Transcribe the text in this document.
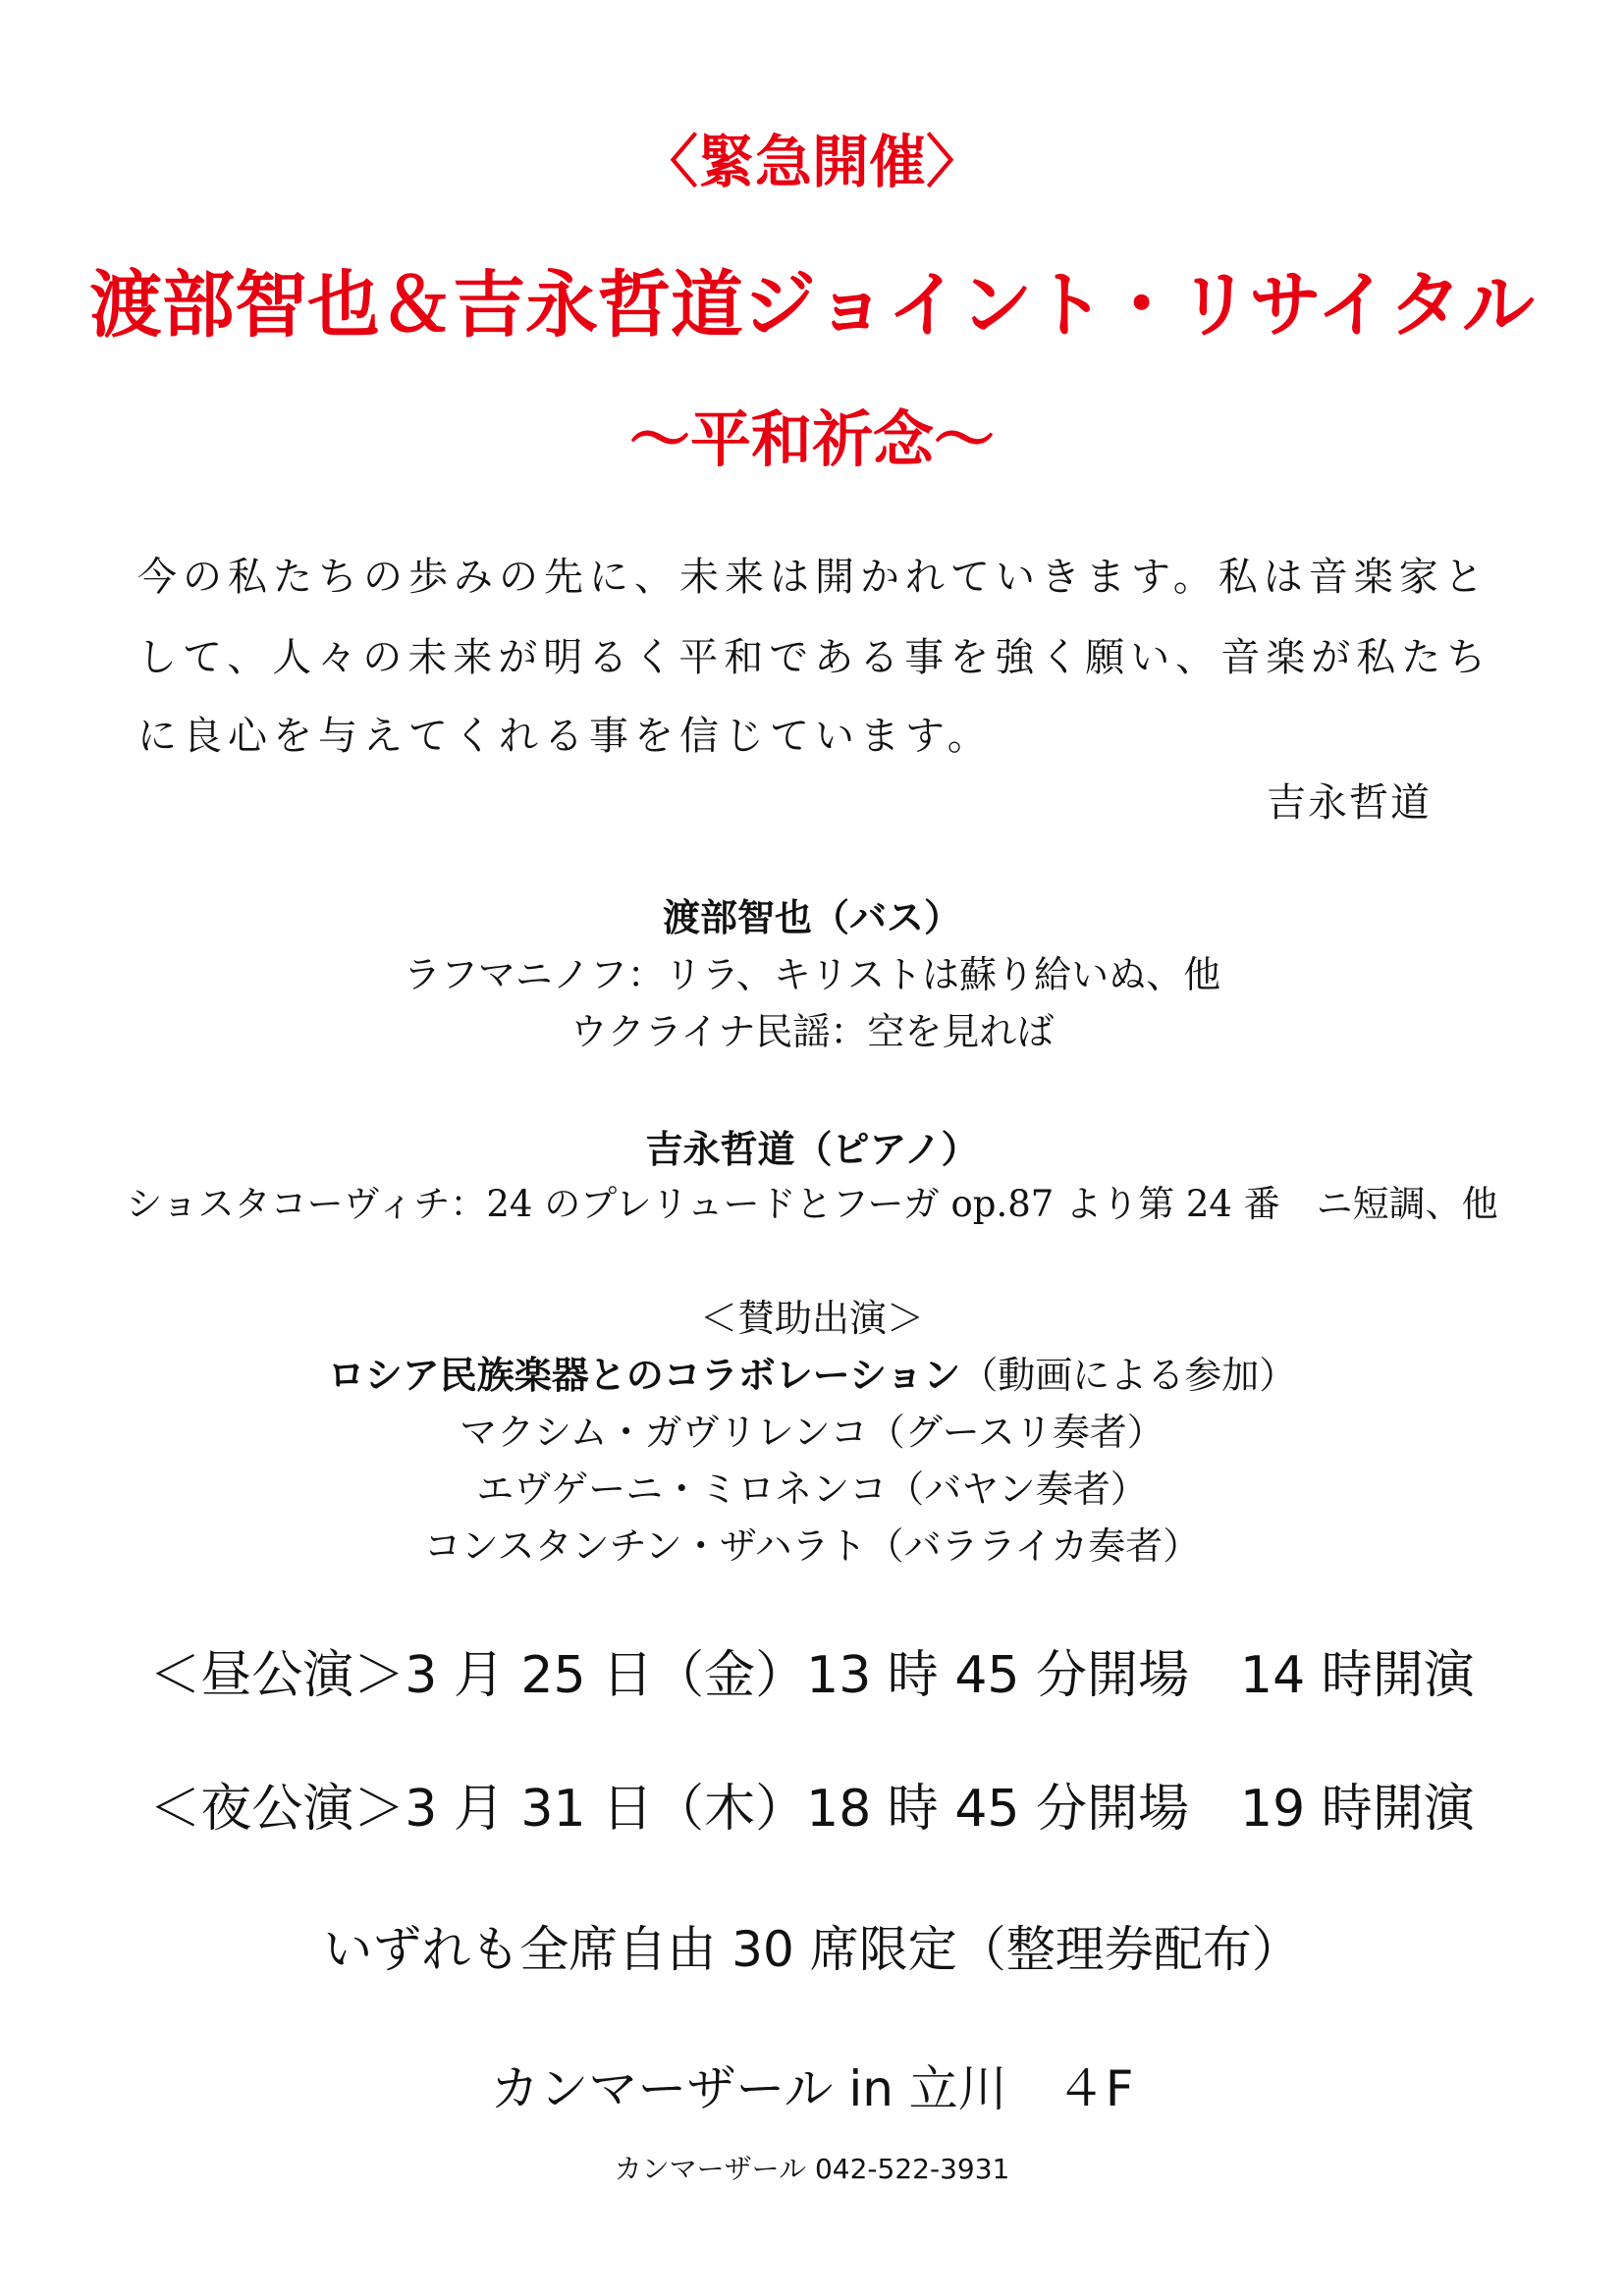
〈緊急開催〉
渡部智也＆吉永哲道ジョイント・リサイタル
～平和祈念～
今の私たちの歩みの先に、未来は開かれていきます。私は音楽家と
して、人々の未来が明るく平和である事を強く願い、音楽が私たち
に良心を与えてくれる事を信じています。
吉永哲道
渡部智也（バス）
ラフマニノフ：リラ、キリストは蘇り給いぬ、他
ウクライナ民謡：空を見れば
吉永哲道（ピアノ）
ショスタコーヴィチ：24 のプレリュードとフーガ op.87 より第 24 番　ニ短調、他
＜賛助出演＞
ロシア民族楽器とのコラボレーション（動画による参加）
マクシム・ガヴリレンコ（グースリ奏者）
エヴゲーニ・ミロネンコ（バヤン奏者）
コンスタンチン・ザハラト（バラライカ奏者）
＜昼公演＞3 月 25 日（金）13 時 45 分開場　14 時開演
＜夜公演＞3 月 31 日（木）18 時 45 分開場　19 時開演
いずれも全席自由 30 席限定（整理券配布）
カンマーザール in 立川　４F
カンマーザール 042-522-3931
